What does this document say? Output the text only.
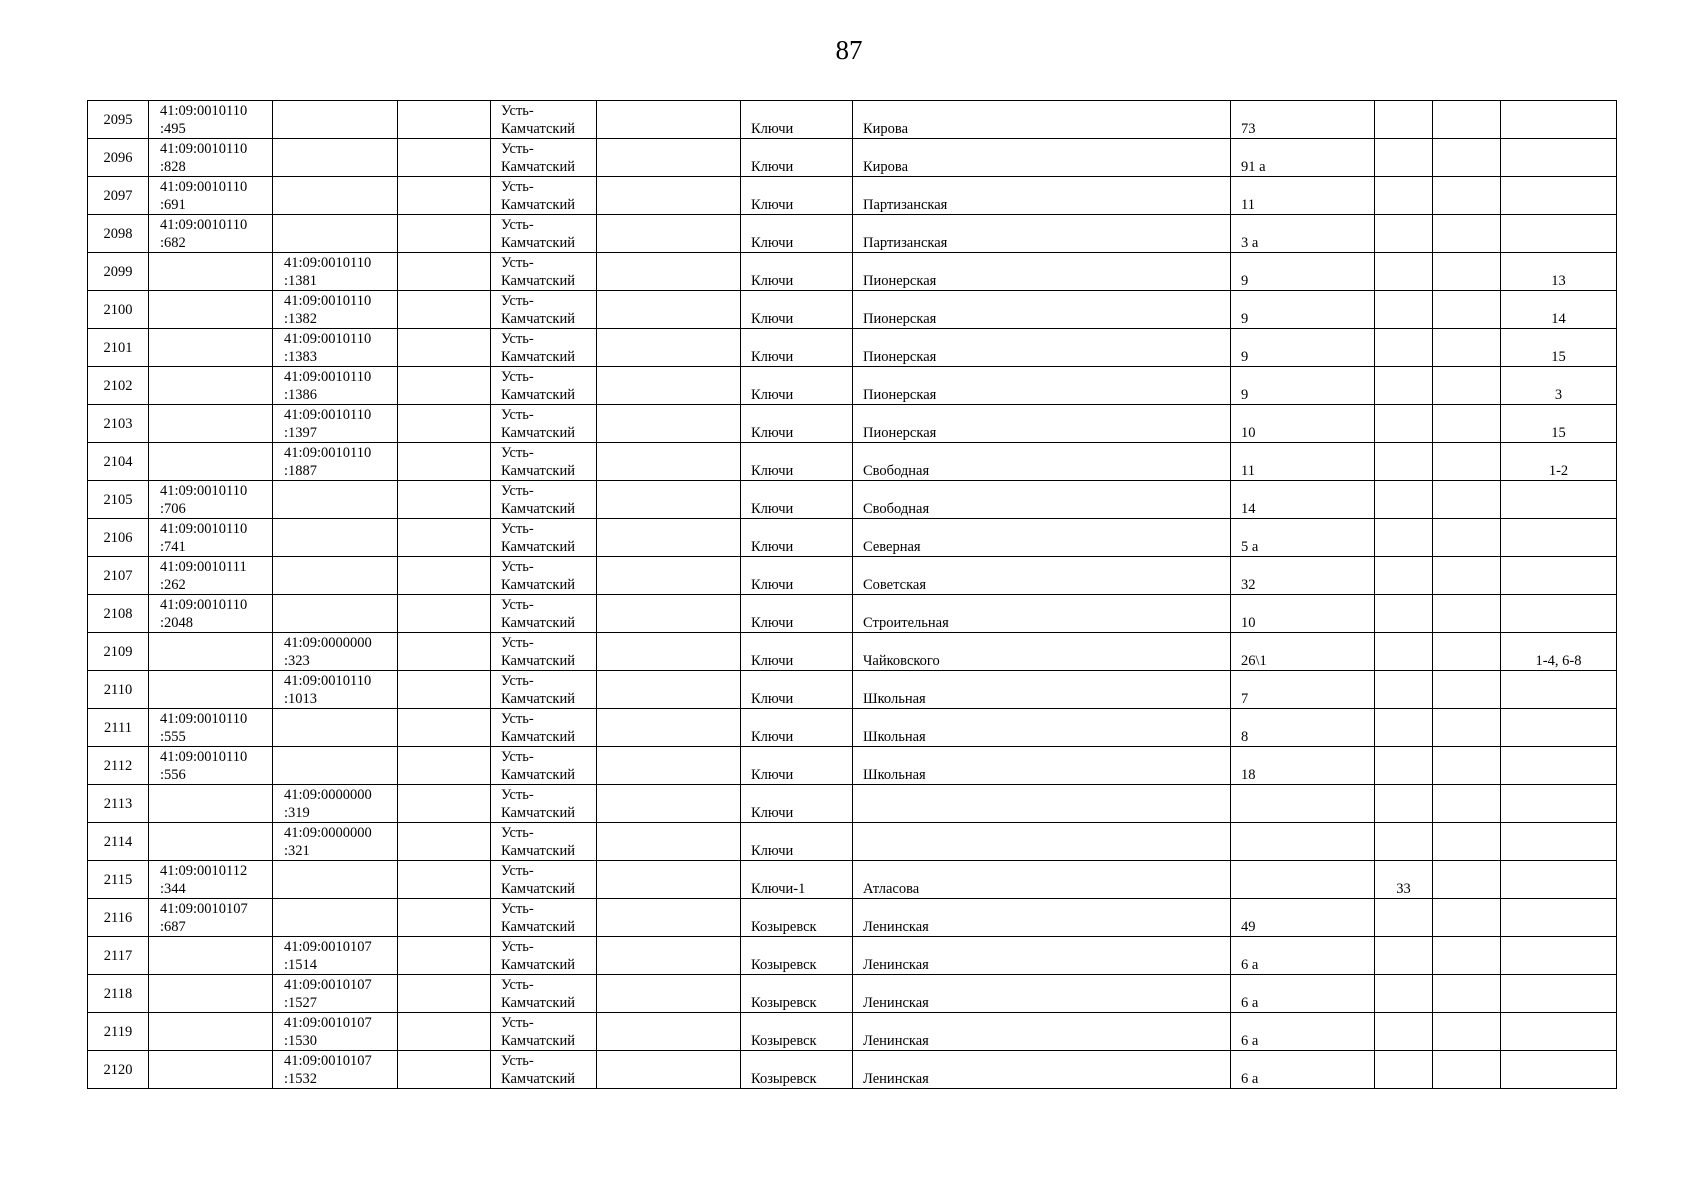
87
2095	41:09:0010110
:495			Усть-
Камчатский		Ключи	Кирова	73			
2096	41:09:0010110
:828			Усть-
Камчатский		Ключи	Кирова	91 а			
2097	41:09:0010110
:691			Усть-
Камчатский		Ключи	Партизанская	11			
2098	41:09:0010110
:682			Усть-
Камчатский		Ключи	Партизанская	3 а			
2099		41:09:0010110
:1381		Усть-
Камчатский		Ключи	Пионерская	9			13
2100		41:09:0010110
:1382		Усть-
Камчатский		Ключи	Пионерская	9			14
2101		41:09:0010110
:1383		Усть-
Камчатский		Ключи	Пионерская	9			15
2102		41:09:0010110
:1386		Усть-
Камчатский		Ключи	Пионерская	9			3
2103		41:09:0010110
:1397		Усть-
Камчатский		Ключи	Пионерская	10			15
2104		41:09:0010110
:1887		Усть-
Камчатский		Ключи	Свободная	11			1-2
2105	41:09:0010110
:706			Усть-
Камчатский		Ключи	Свободная	14			
2106	41:09:0010110
:741			Усть-
Камчатский		Ключи	Северная	5 а			
2107	41:09:0010111
:262			Усть-
Камчатский		Ключи	Советская	32			
2108	41:09:0010110
:2048			Усть-
Камчатский		Ключи	Строительная	10			
2109		41:09:0000000
:323		Усть-
Камчатский		Ключи	Чайковского	26\1			1-4, 6-8
2110		41:09:0010110
:1013		Усть-
Камчатский		Ключи	Школьная	7			
2111	41:09:0010110
:555			Усть-
Камчатский		Ключи	Школьная	8			
2112	41:09:0010110
:556			Усть-
Камчатский		Ключи	Школьная	18			
2113		41:09:0000000
:319		Усть-
Камчатский		Ключи					
2114		41:09:0000000
:321		Усть-
Камчатский		Ключи					
2115	41:09:0010112
:344			Усть-
Камчатский		Ключи-1	Атласова		33		
2116	41:09:0010107
:687			Усть-
Камчатский		Козыревск	Ленинская	49			
2117		41:09:0010107
:1514		Усть-
Камчатский		Козыревск	Ленинская	6 а			
2118		41:09:0010107
:1527		Усть-
Камчатский		Козыревск	Ленинская	6 а			
2119		41:09:0010107
:1530		Усть-
Камчатский		Козыревск	Ленинская	6 а			
2120		41:09:0010107
:1532		Усть-
Камчатский		Козыревск	Ленинская	6 а			
